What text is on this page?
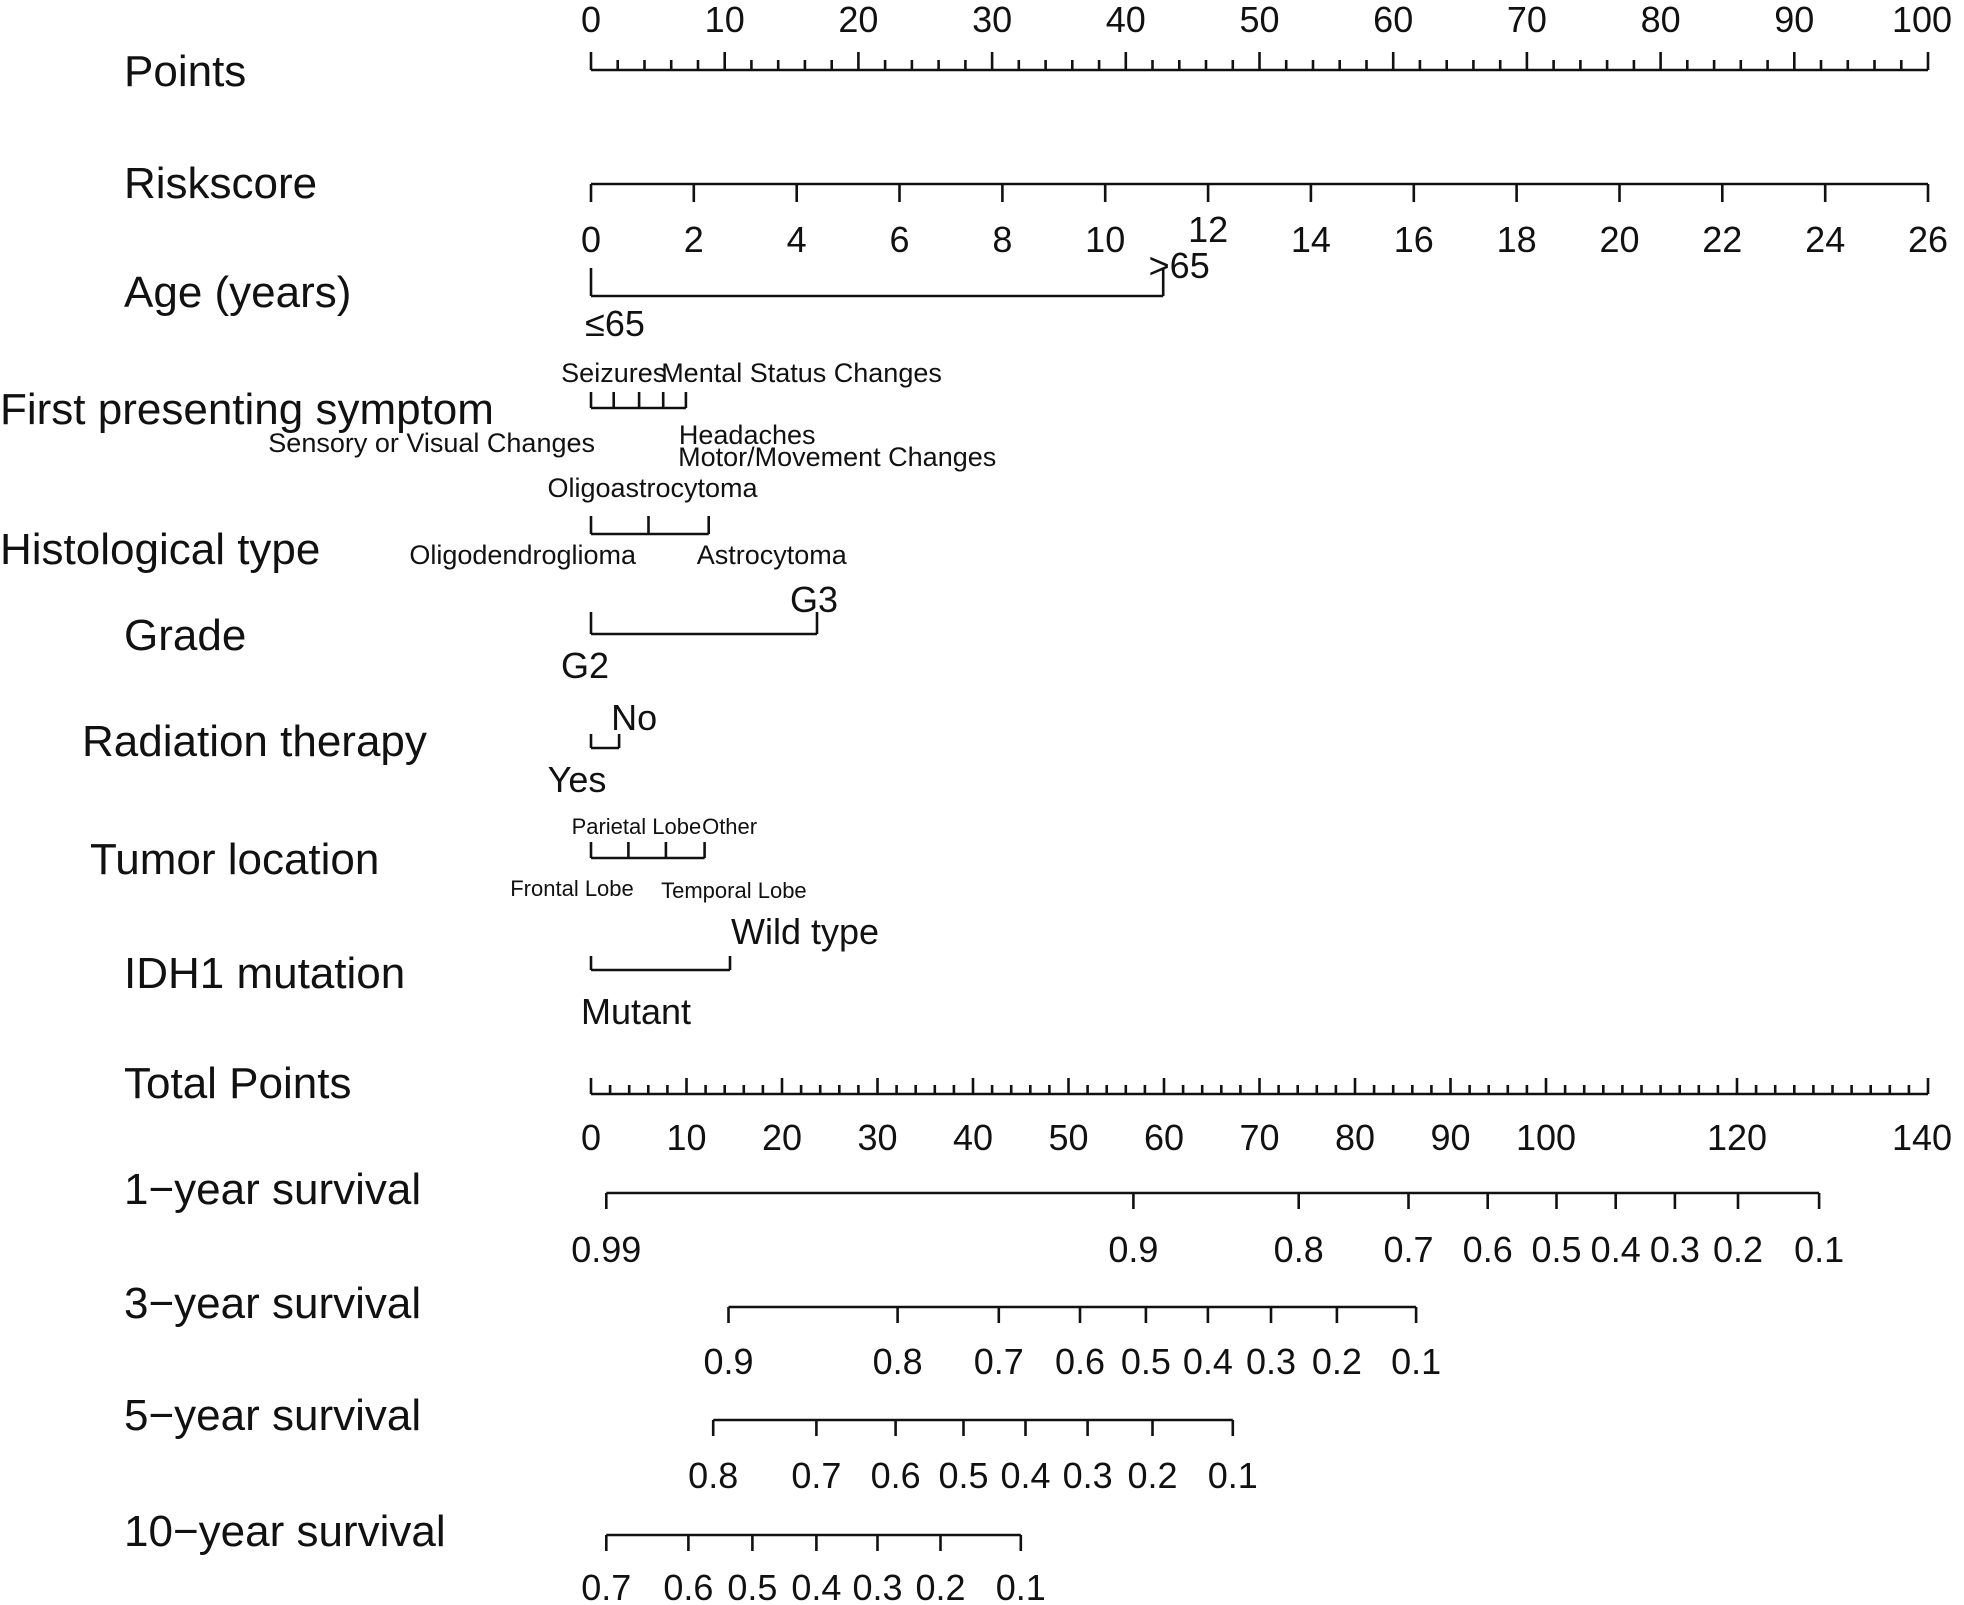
Points
Riskscore
Age (years)
First presenting symptom
Histological type
Grade
Radiation therapy
Tumor location
IDH1 mutation
Total Points
1−year survival
3−year survival
5−year survival
10−year survival
0	10	20	30	40	50	60	70	80	90 100
0 2 4 6 8 10 12 14 16 18 20 22 24 26
≤65
>65
Sensory or Visual Changes
Seizures
Motor/Movement Changes
Mental Status Changes
Headaches
Oligodendroglioma
Oligoastrocytoma
Astrocytoma
G2
G3
Yes
No
Frontal Lobe
Parietal Lobe
Temporal Lobe
Other
Mutant
Wild type
0 10 20 30 40 50 60 70 80 90 100	120	140
0.99	0.9	0.8 0.7 0.6 0.5 0.4 0.3 0.2 0.1
0.9	0.8 0.7 0.6 0.5 0.4 0.3 0.2 0.1
0.8 0.7 0.6 0.5 0.4 0.3 0.2 0.1
0.7 0.6 0.5 0.4 0.3 0.2 0.1
